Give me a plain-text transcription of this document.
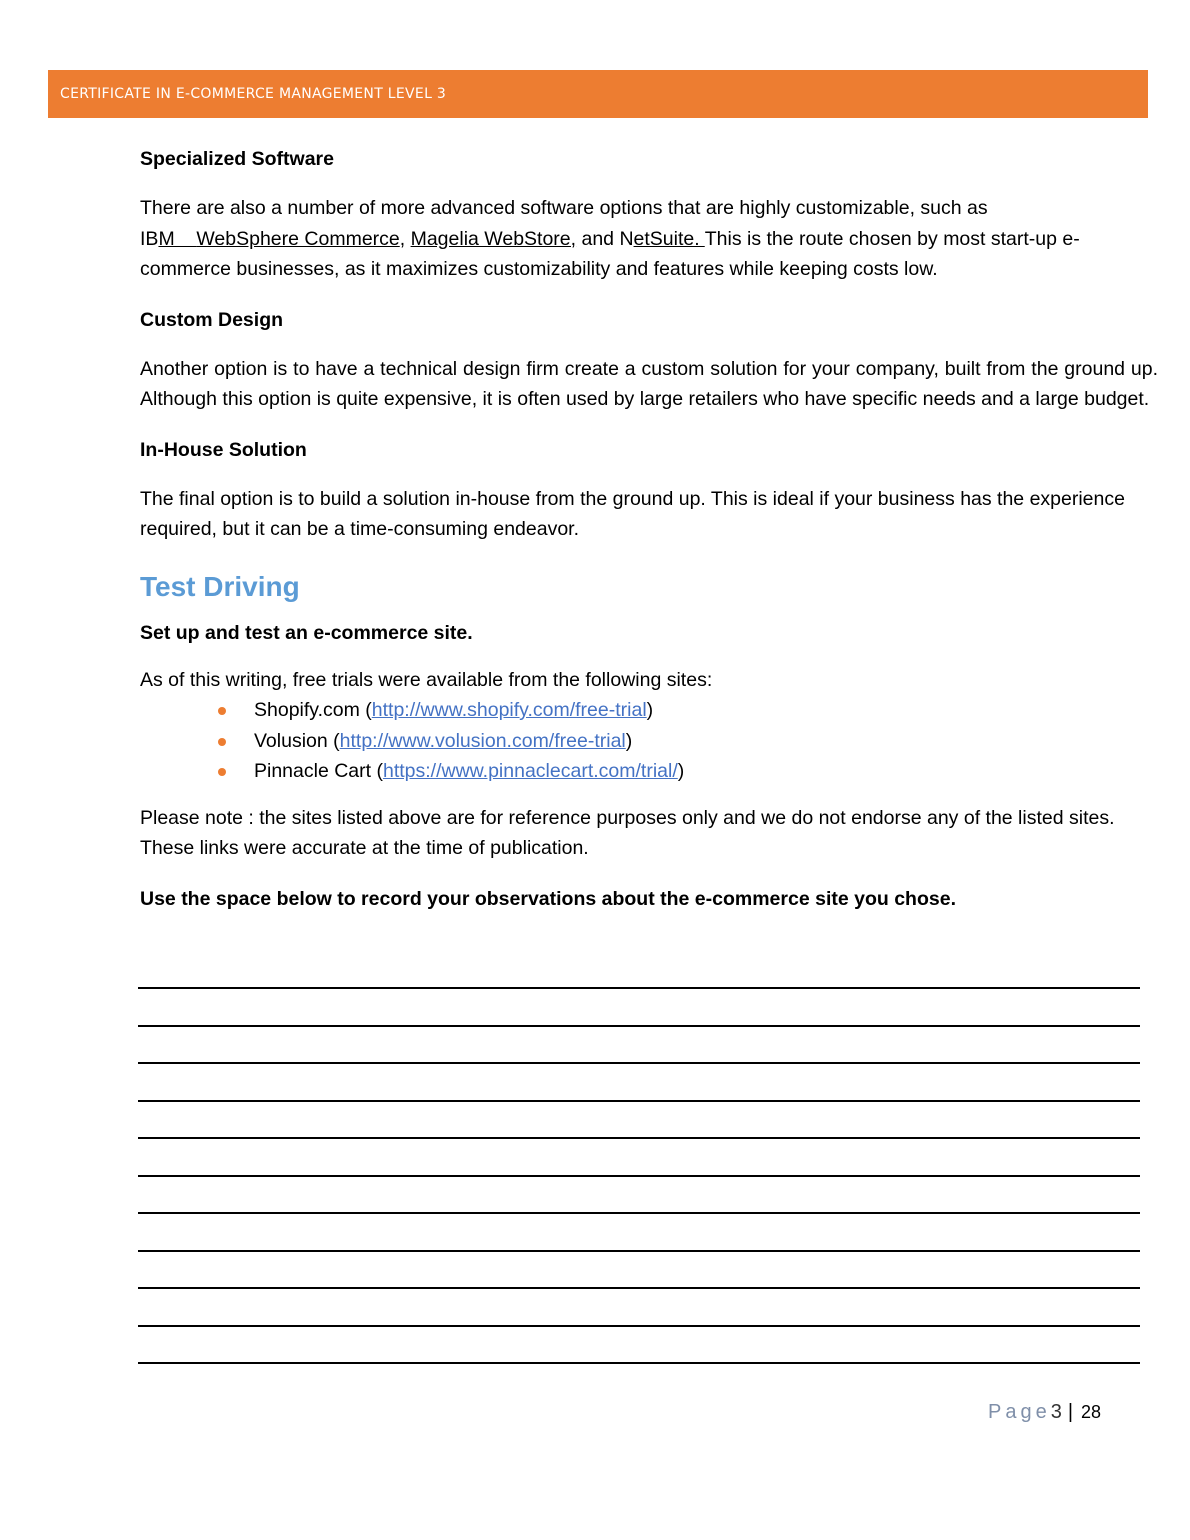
CERTIFICATE IN E-COMMERCE MANAGEMENT LEVEL 3

Specialized Software

There are also a number of more advanced software options that are highly customizable, such as IBM    WebSphere Commerce, Magelia WebStore, and NetSuite. This is the route chosen by most start-up e-commerce businesses, as it maximizes customizability and features while keeping costs low.

Custom Design

Another option is to have a technical design firm create a custom solution for your company, built from the ground up. Although this option is quite expensive, it is often used by large retailers who have specific needs and a large budget.

In-House Solution

The final option is to build a solution in-house from the ground up. This is ideal if your business has the experience required, but it can be a time-consuming endeavor.

Test Driving

Set up and test an e-commerce site.

As of this writing, free trials were available from the following sites:

Shopify.com (http://www.shopify.com/free-trial)
Volusion (http://www.volusion.com/free-trial)
Pinnacle Cart (https://www.pinnaclecart.com/trial/)

Please note : the sites listed above are for reference purposes only and we do not endorse any of the listed sites. These links were accurate at the time of publication.

Use the space below to record your observations about the e-commerce site you chose.

Page3 | 28
